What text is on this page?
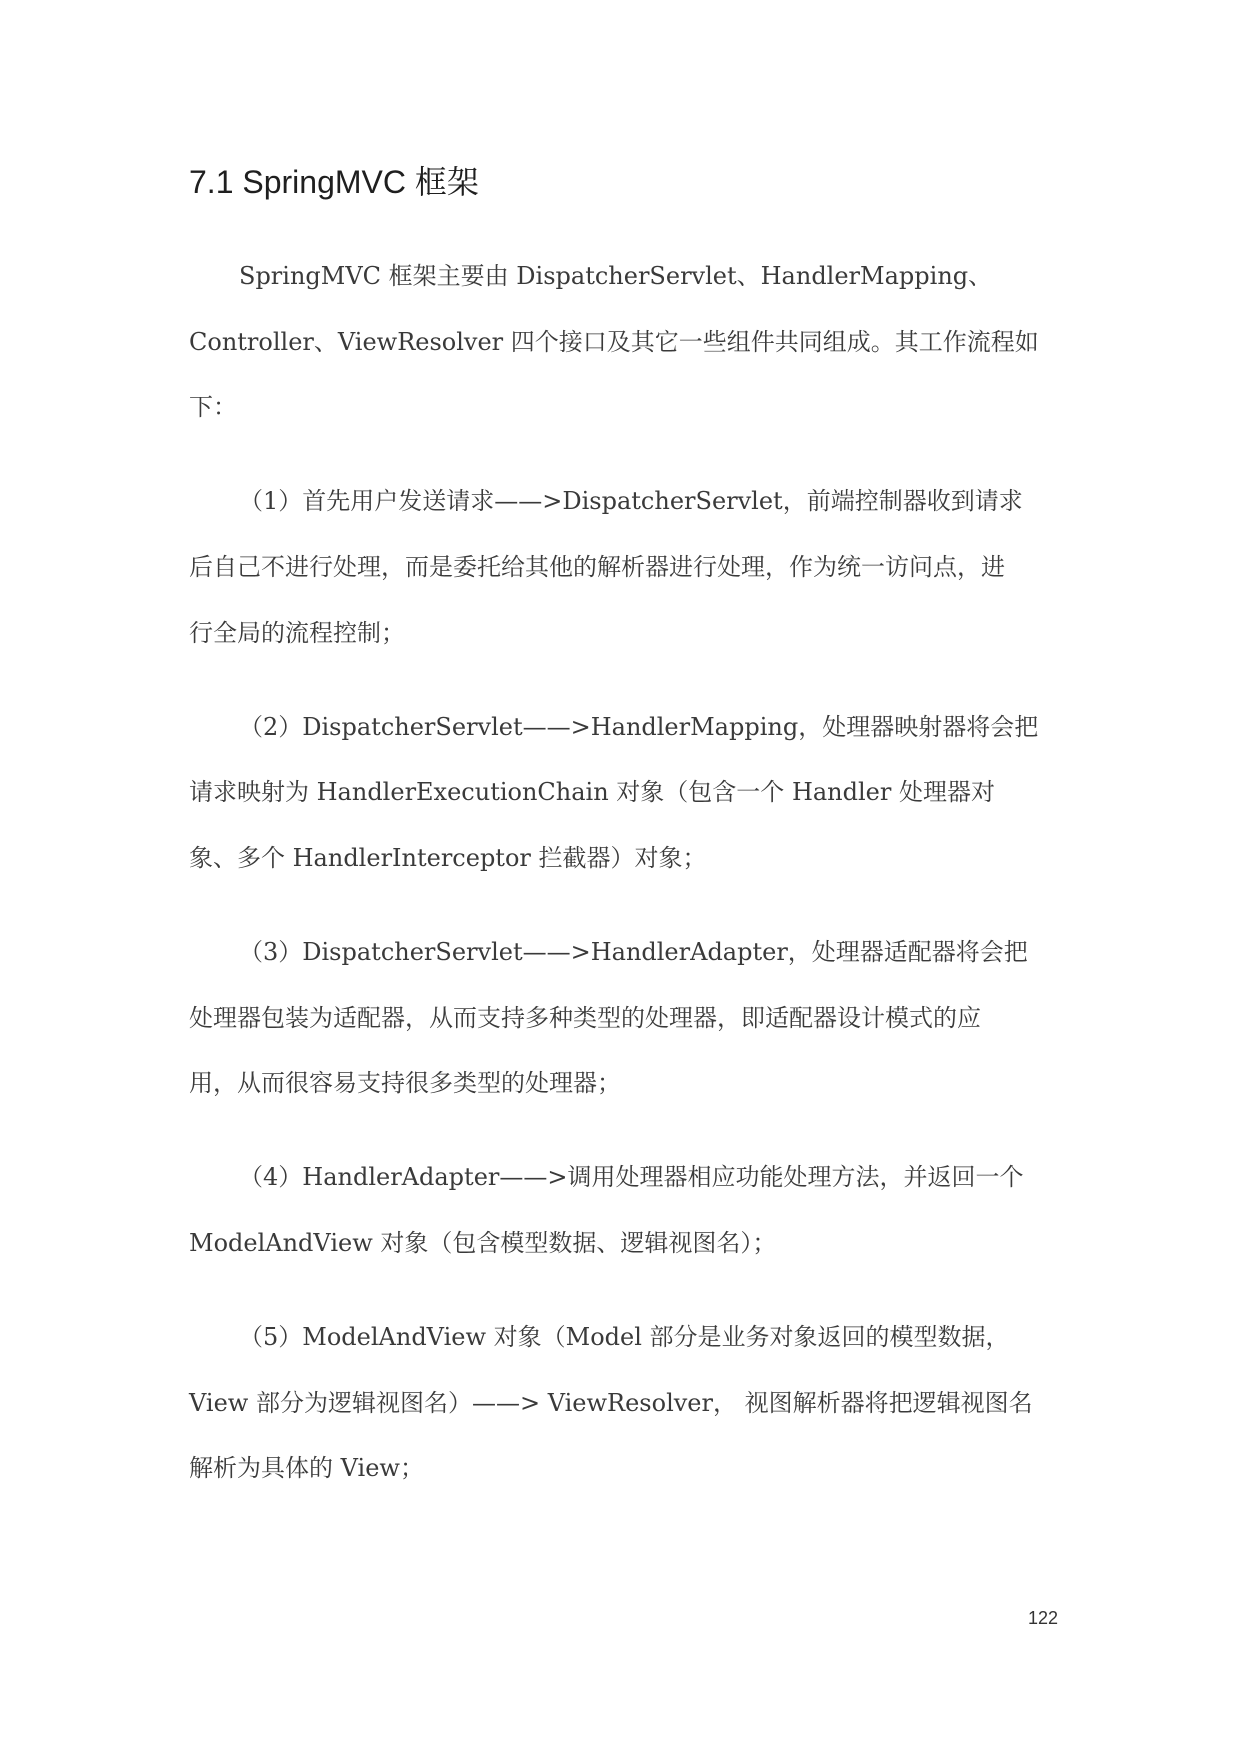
7.1 SpringMVC 框架
SpringMVC 框架主要由 DispatcherServlet、HandlerMapping、
Controller、ViewResolver 四个接口及其它一些组件共同组成。其工作流程如
下：
（1）首先用户发送请求——>DispatcherServlet，前端控制器收到请求
后自己不进行处理，而是委托给其他的解析器进行处理，作为统一访问点，进
行全局的流程控制；
（2）DispatcherServlet——>HandlerMapping，处理器映射器将会把
请求映射为 HandlerExecutionChain 对象（包含一个 Handler 处理器对
象、多个 HandlerInterceptor 拦截器）对象；
（3）DispatcherServlet——>HandlerAdapter，处理器适配器将会把
处理器包装为适配器，从而支持多种类型的处理器，即适配器设计模式的应
用，从而很容易支持很多类型的处理器；
（4）HandlerAdapter——>调用处理器相应功能处理方法，并返回一个
ModelAndView 对象（包含模型数据、逻辑视图名）；
（5）ModelAndView 对象（Model 部分是业务对象返回的模型数据，
View 部分为逻辑视图名）——> ViewResolver， 视图解析器将把逻辑视图名
解析为具体的 View；
122
